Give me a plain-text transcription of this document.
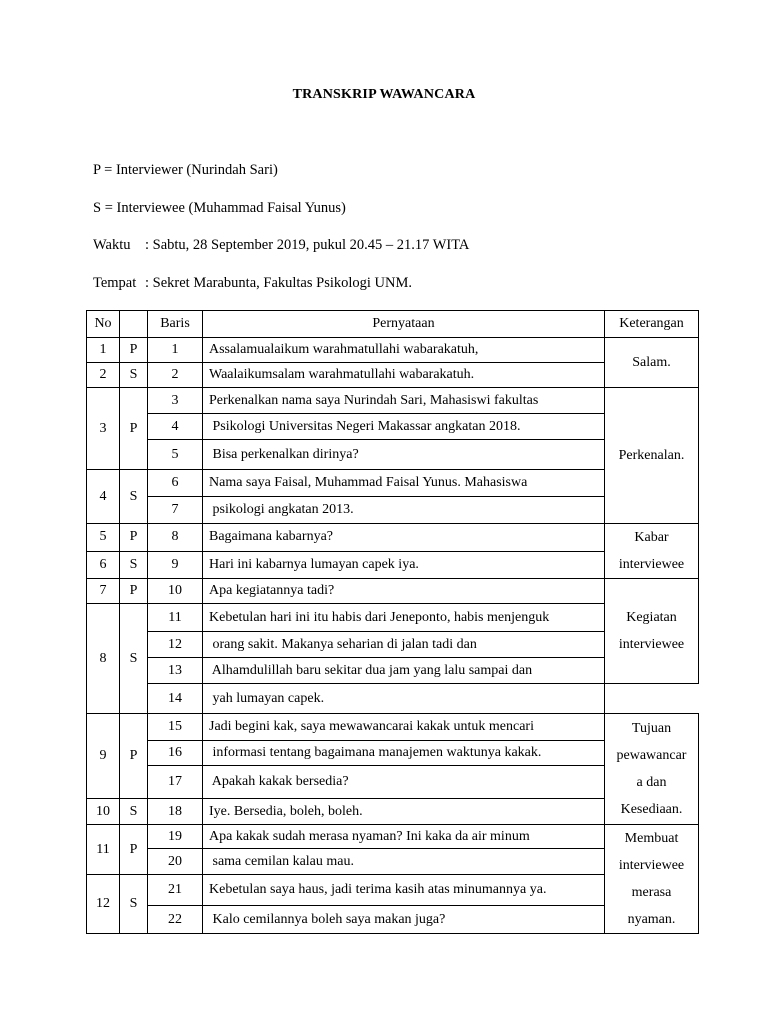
TRANSKRIP WAWANCARA
P = Interviewer (Nurindah Sari)
S = Interviewee (Muhammad Faisal Yunus)
Waktu : Sabtu, 28 September 2019, pukul 20.45 – 21.17 WITA
Tempat : Sekret Marabunta, Fakultas Psikologi UNM.
No		Baris	Pernyataan	Keterangan
1	P	1	Assalamualaikum warahmatullahi wabarakatuh,	Salam.

2	S	2	Waalaikumsalam warahmatullahi wabarakatuh.	
3	P	3	Perkenalkan nama saya Nurindah Sari, Mahasiswi fakultas	Perkenalan.

		4	Psikologi Universitas Negeri Makassar angkatan 2018.	
		5	Bisa perkenalkan dirinya?	
4	S	6	Nama saya Faisal, Muhammad Faisal Yunus. Mahasiswa	
		7	psikologi angkatan 2013.	
5	P	8	Bagaimana kabarnya?	Kabar
interviewee

6	S	9	Hari ini kabarnya lumayan capek iya.	
7	P	10	Apa kegiatannya tadi?	Kegiatan
interviewee

8	S	11	Kebetulan hari ini itu habis dari Jeneponto, habis menjenguk	
		12	orang sakit. Makanya seharian di jalan tadi dan	
		13	Alhamdulillah baru sekitar dua jam yang lalu sampai dan	
		14	yah lumayan capek.	
9	P	15	Jadi begini kak, saya mewawancarai kakak untuk mencari	Tujuan
pewawancar
a dan
Kesediaan.

		16	informasi tentang bagaimana manajemen waktunya kakak.	
		17	Apakah kakak bersedia?	
10	S	18	Iye. Bersedia, boleh, boleh.	
11	P	19	Apa kakak sudah merasa nyaman? Ini kaka da air minum	Membuat
interviewee
merasa
nyaman.

		20	sama cemilan kalau mau.	
12	S	21	Kebetulan saya haus, jadi terima kasih atas minumannya ya.	
		22	Kalo cemilannya boleh saya makan juga?	
